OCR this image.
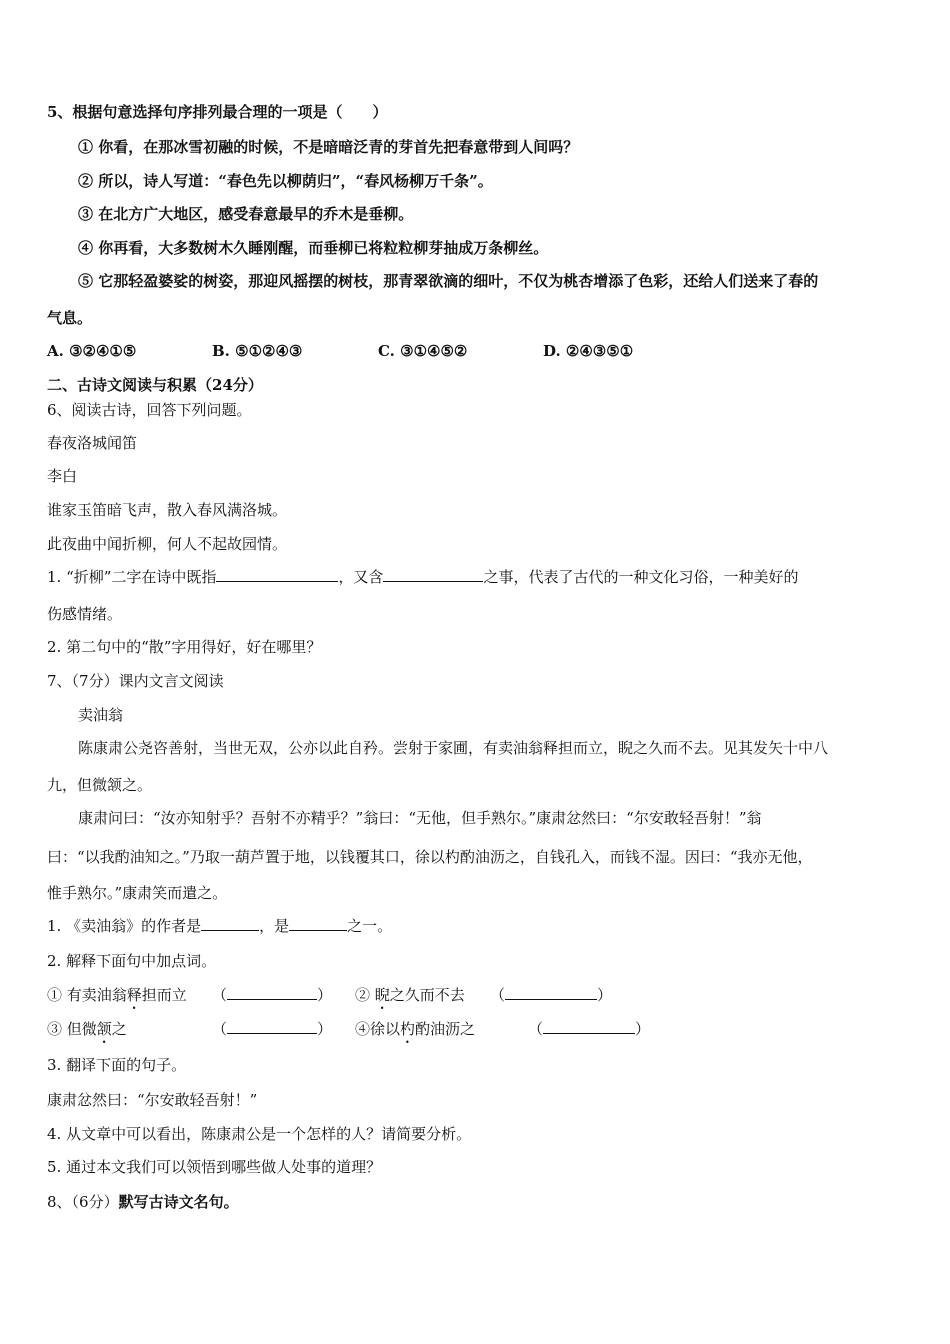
5、根据句意选择句序排列最合理的一项是（　　）
① 你看，在那冰雪初融的时候，不是暗暗泛青的芽首先把春意带到人间吗？
② 所以，诗人写道：“春色先以柳荫归”，“春风杨柳万千条”。
③ 在北方广大地区，感受春意最早的乔木是垂柳。
④ 你再看，大多数树木久睡刚醒，而垂柳已将粒粒柳芽抽成万条柳丝。
⑤ 它那轻盈婆娑的树姿，那迎风摇摆的树枝，那青翠欲滴的细叶，不仅为桃杏增添了色彩，还给人们送来了春的
气息。
A. ③②④①⑤	B. ⑤①②④③	C. ③①④⑤②	D. ②④③⑤①
二、古诗文阅读与积累（24分）
6、阅读古诗，回答下列问题。
春夜洛城闻笛
李白
谁家玉笛暗飞声，散入春风满洛城。
此夜曲中闻折柳，何人不起故园情。
1. “折柳”二字在诗中既指	，又含	之事，代表了古代的一种文化习俗，一种美好的
伤感情绪。
2. 第二句中的“散”字用得好，好在哪里？
7、（7分）课内文言文阅读
卖油翁
陈康肃公尧咨善射，当世无双，公亦以此自矜。尝射于家圃，有卖油翁释担而立，睨之久而不去。见其发矢十中八
九，但微颔之。
康肃问曰：“汝亦知射乎？吾射不亦精乎？”翁曰：“无他，但手熟尔。”康肃忿然曰：“尔安敢轻吾射！”翁
曰：“以我酌油知之。”乃取一葫芦置于地，以钱覆其口，徐以杓酌油沥之，自钱孔入，而钱不湿。因曰：“我亦无他，
惟手熟尔。”康肃笑而遣之。
1. 《卖油翁》的作者是	，是	之一。
2. 解释下面句中加点词。
① 有卖油翁释担而立 （	） ② 睨之久而不去 （	）
③ 但微颔之	（	） ④徐以杓酌油沥之	（	）
3. 翻译下面的句子。
康肃忿然曰：“尔安敢轻吾射！”
4. 从文章中可以看出，陈康肃公是一个怎样的人？请简要分析。
5. 通过本文我们可以领悟到哪些做人处事的道理？
8、（6分）默写古诗文名句。
